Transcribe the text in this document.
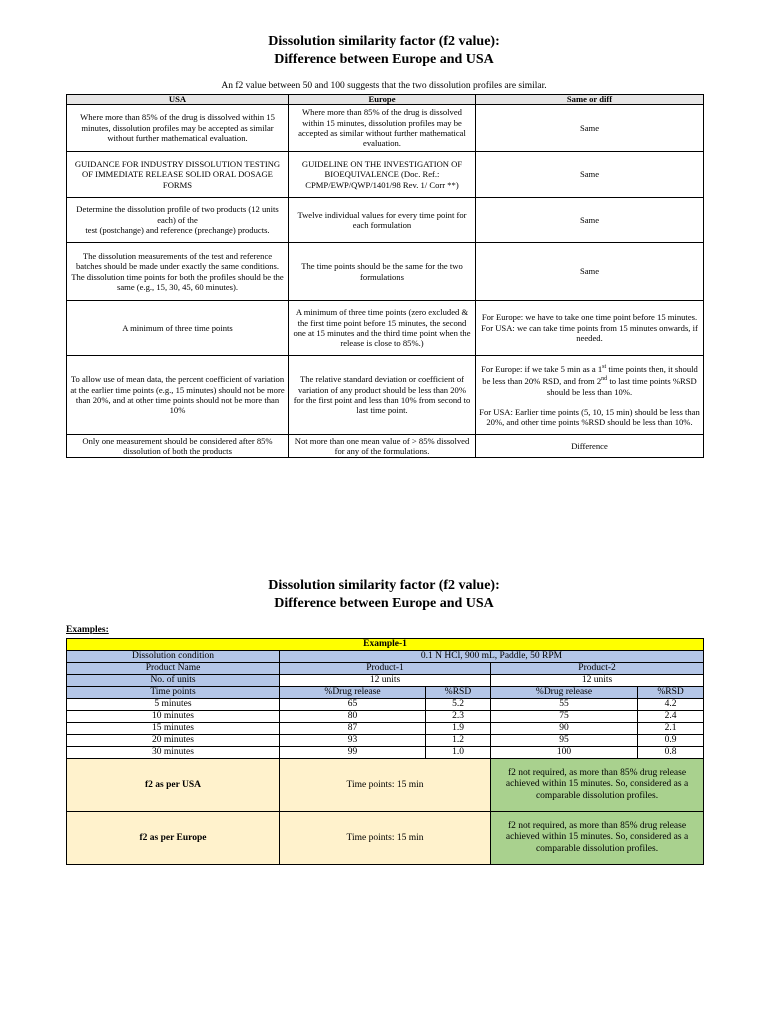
Dissolution similarity factor (f2 value):
Difference between Europe and USA
An f2 value between 50 and 100 suggests that the two dissolution profiles are similar.
USA	Europe	Same or diff
Where more than 85% of the drug is dissolved within 15 minutes, dissolution profiles may be accepted as similar without further mathematical evaluation.	Where more than 85% of the drug is dissolved within 15 minutes, dissolution profiles may be accepted as similar without further mathematical evaluation.	Same
GUIDANCE FOR INDUSTRY DISSOLUTION TESTING OF IMMEDIATE RELEASE SOLID ORAL DOSAGE FORMS	GUIDELINE ON THE INVESTIGATION OF BIOEQUIVALENCE (Doc. Ref.: CPMP/EWP/QWP/1401/98 Rev. 1/ Corr **)	Same
Determine the dissolution profile of two products (12 units each) of the
test (postchange) and reference (prechange) products.	Twelve individual values for every time point for each formulation	Same
The dissolution measurements of the test and reference batches should be made under exactly the same conditions. The dissolution time points for both the profiles should be the same (e.g., 15, 30, 45, 60 minutes).	The time points should be the same for the two formulations	Same
A minimum of three time points	A minimum of three time points (zero excluded & the first time point before 15 minutes, the second one at 15 minutes and the third time point when the release is close to 85%.)	For Europe: we have to take one time point before 15 minutes.
For USA: we can take time points from 15 minutes onwards, if needed.
To allow use of mean data, the percent coefficient of variation at the earlier time points (e.g., 15 minutes) should not be more than 20%, and at other time points should not be more than 10%	The relative standard deviation or coefficient of variation of any product should be less than 20% for the first point and less than 10% from second to last time point.	For Europe: if we take 5 min as a 1st time points then, it should be less than 20% RSD, and from 2nd to last time points %RSD should be less than 10%.
For USA: Earlier time points (5, 10, 15 min) should be less than 20%, and other time points %RSD should be less than 10%.

Only one measurement should be considered after 85% dissolution of both the products	Not more than one mean value of > 85% dissolved for any of the formulations.	Difference
Dissolution similarity factor (f2 value):
Difference between Europe and USA
Examples:
Example-1				
Dissolution condition	0.1 N HCl, 900 mL, Paddle, 50 RPM			
Product Name	Product-1		Product-2	
No. of units	12 units		12 units	
Time points	%Drug release	%RSD	%Drug release	%RSD
5 minutes	65	5.2	55	4.2
10 minutes	80	2.3	75	2.4
15 minutes	87	1.9	90	2.1
20 minutes	93	1.2	95	0.9
30 minutes	99	1.0	100	0.8
f2 as per USA	Time points: 15 min		f2 not required, as more than 85% drug release achieved within 15 minutes. So, considered as a comparable dissolution profiles.	
f2 as per Europe	Time points: 15 min		f2 not required, as more than 85% drug release achieved within 15 minutes. So, considered as a comparable dissolution profiles.	
